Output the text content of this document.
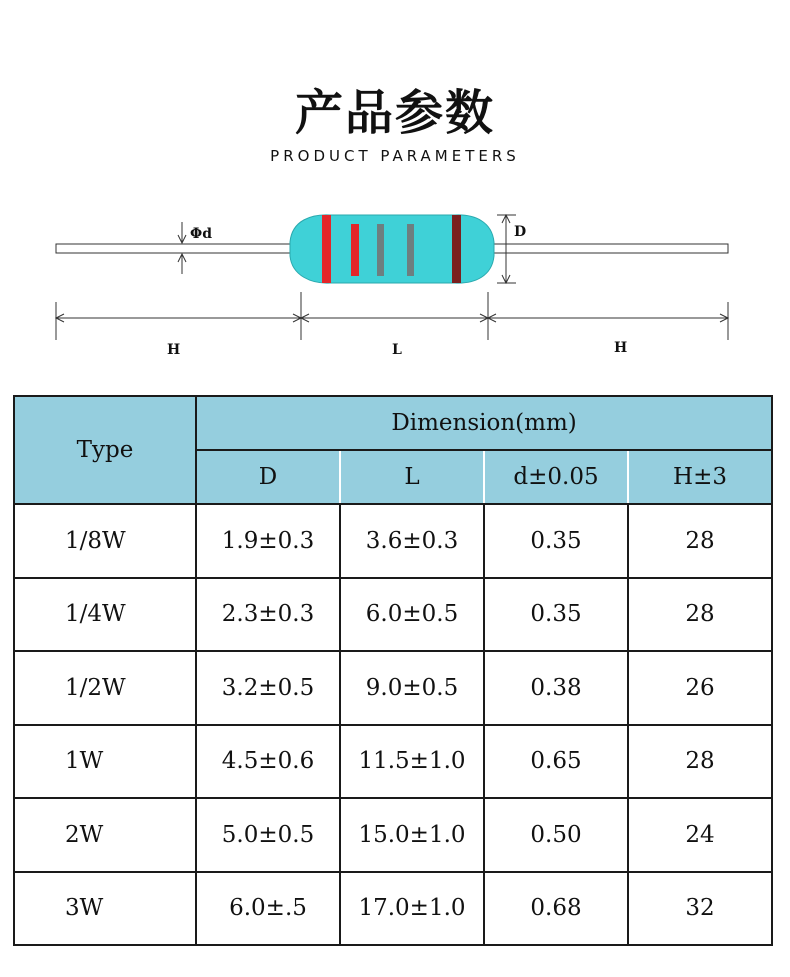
产品参数
PRODUCT PARAMETERS
Φd	D
H	L	H
Type	Dimension(mm)			
	D	L	d±0.05	H±3
1/8W	1.9±0.3	3.6±0.3	0.35	28
1/4W	2.3±0.3	6.0±0.5	0.35	28
1/2W	3.2±0.5	9.0±0.5	0.38	26
1W	4.5±0.6	11.5±1.0	0.65	28
2W	5.0±0.5	15.0±1.0	0.50	24
3W	6.0±.5	17.0±1.0	0.68	32
